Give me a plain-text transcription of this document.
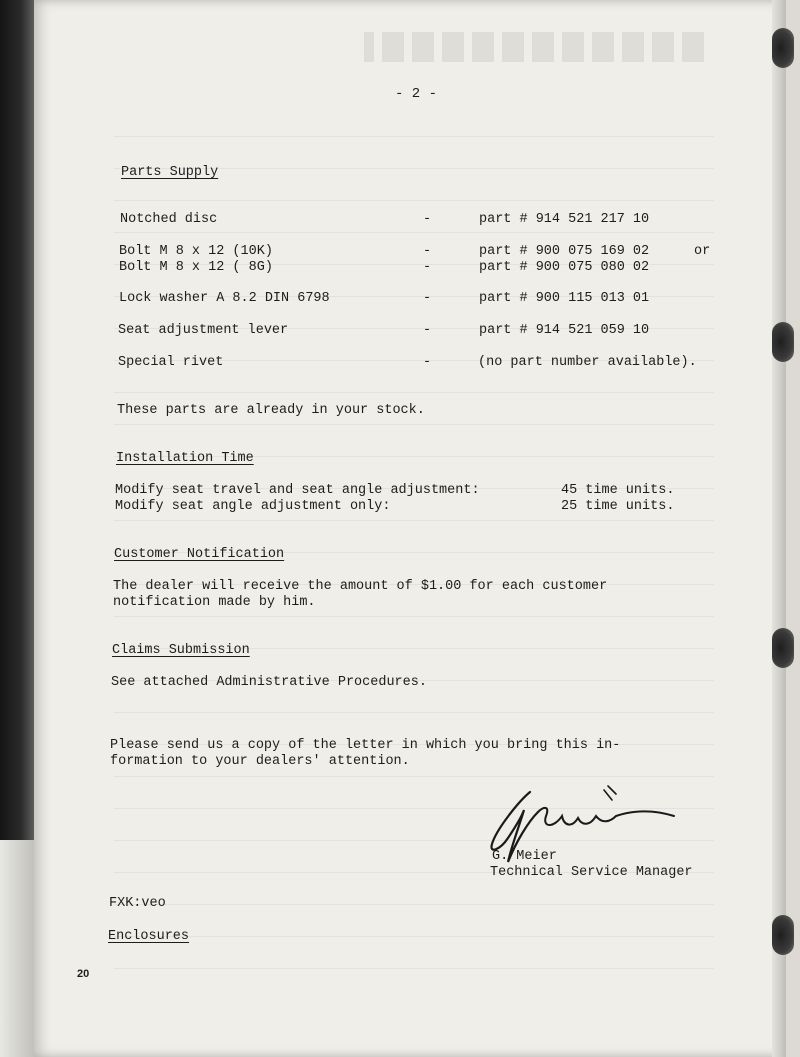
- 2 -
Parts Supply
Notched disc	-	part # 914 521 217 10
Bolt M 8 x 12 (10K)	-	part # 900 075 169 02	or
Bolt M 8 x 12 ( 8G)	-	part # 900 075 080 02
Lock washer A 8.2 DIN 6798	-	part # 900 115 013 01
Seat adjustment lever	-	part # 914 521 059 10
Special rivet	-	(no part number available).
These parts are already in your stock.
Installation Time
Modify seat travel and seat angle adjustment:	45 time units.
Modify seat angle adjustment only:	25 time units.
Customer Notification
The dealer will receive the amount of $1.00 for each customer
notification made by him.
Claims Submission
See attached Administrative Procedures.
Please send us a copy of the letter in which you bring this in-
formation to your dealers' attention.
G. Meier
Technical Service Manager
FXK:veo
Enclosures
20
